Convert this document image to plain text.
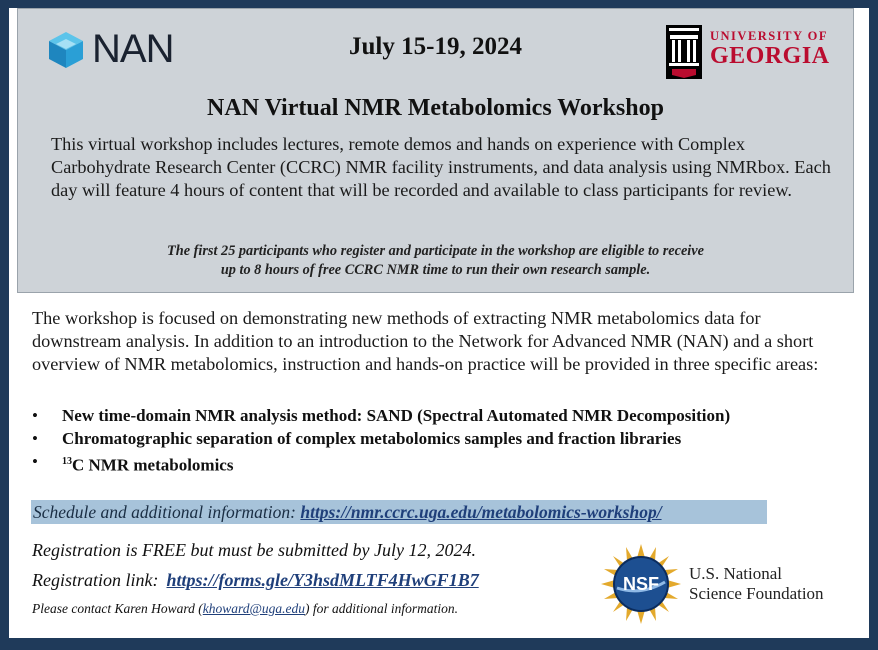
NAN	July 15-19, 2024	UNIVERSITY OF
GEORGIA
NAN Virtual NMR Metabolomics Workshop
This virtual workshop includes lectures, remote demos and hands on experience with Complex Carbohydrate Research Center (CCRC) NMR facility instruments, and data analysis using NMRbox. Each day will feature 4 hours of content that will be recorded and available to class participants for review.
The first 25 participants who register and participate in the workshop are eligible to receive
up to 8 hours of free CCRC NMR time to run their own research sample.
The workshop is focused on demonstrating new methods of extracting NMR metabolomics data for downstream analysis. In addition to an introduction to the Network for Advanced NMR (NAN) and a short overview of NMR metabolomics, instruction and hands-on practice will be provided in three specific areas:
• New time-domain NMR analysis method: SAND (Spectral Automated NMR Decomposition)
• Chromatographic separation of complex metabolomics samples and fraction libraries
• $^{13}$C NMR metabolomics
Schedule and additional information: https://nmr.ccrc.uga.edu/metabolomics-workshop/
Registration is FREE but must be submitted by July 12, 2024.
Registration link: https://forms.gle/Y3hsdMLTF4HwGF1B7
Please contact Karen Howard (khoward@uga.edu) for additional information.
NSF
U.S. National
Science Foundation
